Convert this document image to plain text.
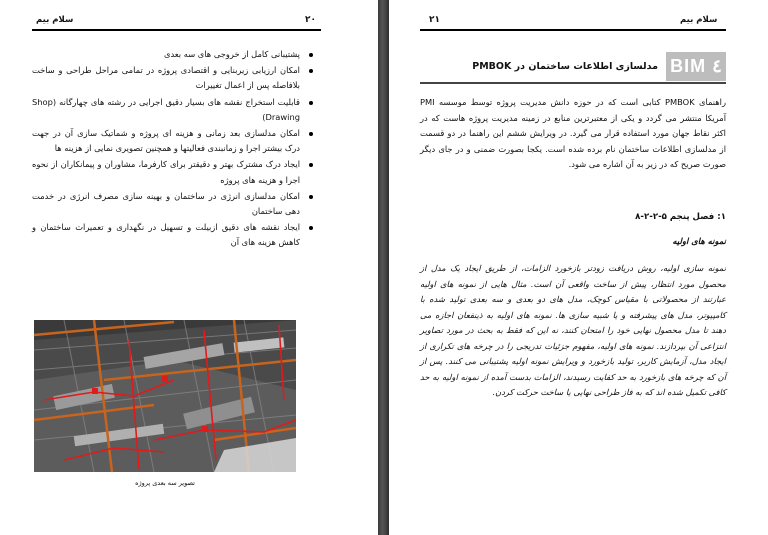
سلام بیم	۲۰
پشتیبانی کامل از خروجی های سه بعدی
امکان ارزیابی زیربنایی و اقتصادی پروژه در تمامی مراحل طراحی و ساخت بلافاصله پس از اعمال تغییرات
قابلیت استخراج نقشه های بسیار دقیق اجرایی در رشته های چهارگانه (Shop Drawing)
امکان مدلسازی بعد زمانی و هزینه ای پروژه و شماتیک سازی آن در جهت درک بیشتر اجرا و زمانبندی فعالیتها و همچنین تصویری نمایی از هزینه ها
ایجاد درک مشترک بهتر و دقیقتر برای کارفرما، مشاوران و پیمانکاران از نحوه اجرا و هزینه های پروژه
امکان مدلسازی انرژی در ساختمان و بهینه سازی مصرف انرژی در خدمت دهی ساختمان
ایجاد نقشه های دقیق ازبیلت و تسهیل در نگهداری و تعمیرات ساختمان و کاهش هزینه های آن
تصویر سه بعدی پروژه
۲۱	سلام بیم
BIM ٤
مدلسازی اطلاعات ساختمان در PMBOK

راهنمای PMBOK کتابی است که در حوزه دانش مدیریت پروژه توسط موسسه PMI آمریکا منتشر می گردد و یکی از معتبرترین منابع در زمینه مدیریت پروژه هاست که در اکثر نقاط جهان مورد استفاده قرار می گیرد. در ویرایش ششم این راهنما در دو قسمت از مدلسازی اطلاعات ساختمان نام برده شده است. یکجا بصورت ضمنی و در جای دیگر صورت صریح که در زیر به آن اشاره می شود.

۱: فصل پنجم ۵-۲-۲-۸
نمونه های اولیه

نمونه سازی اولیه، روش دریافت زودتر بازخورد الزامات، از طریق ایجاد یک مدل از محصول مورد انتظار، پیش از ساخت واقعی آن است. مثال هایی از نمونه های اولیه عبارتند از محصولاتی با مقیاس کوچک، مدل های دو بعدی و سه بعدی تولید شده با کامپیوتر، مدل های پیشرفته و یا شبیه سازی ها. نمونه های اولیه به ذینفعان اجازه می دهند تا مدل محصول نهایی خود را امتحان کنند، نه این که فقط به بحث در مورد تصاویر انتزاعی آن بپردازند. نمونه های اولیه، مفهوم جزئیات تدریجی را در چرخه های تکراری از ایجاد مدل، آزمایش کاربر، تولید بازخورد و ویرایش نمونه اولیه پشتیبانی می کنند. پس از آن که چرخه های بازخورد به حد کفایت رسیدند، الزامات بدست آمده از نمونه اولیه به حد کافی تکمیل شده اند که به فاز طراحی نهایی یا ساخت حرکت کردن.
